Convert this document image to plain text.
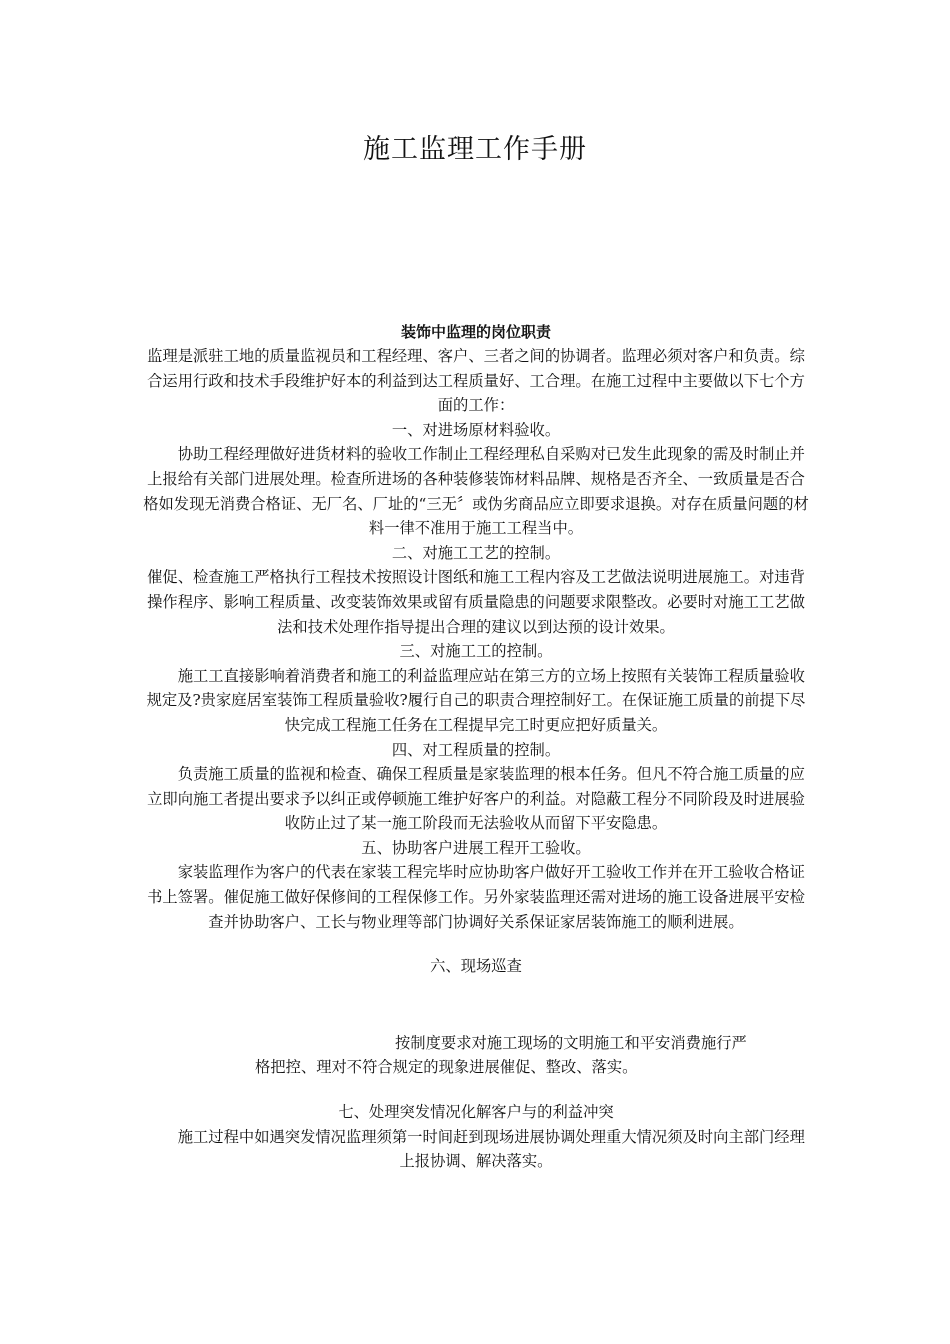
施工监理工作手册
装饰中监理的岗位职责

监理是派驻工地的质量监视员和工程经理、客户、三者之间的协调者。监理必须对客户和负责。综合运用行政和技术手段维护好本的利益到达工程质量好、工合理。在施工过程中主要做以下七个方面的工作：

一、对进场原材料验收。

协助工程经理做好进货材料的验收工作制止工程经理私自采购对已发生此现象的需及时制止并上报给有关部门进展处理。检查所进场的各种装修装饰材料品牌、规格是否齐全、一致质量是否合格如发现无消费合格证、无厂名、厂址的“三无〞或伪劣商品应立即要求退换。对存在质量问题的材料一律不准用于施工工程当中。

二、对施工工艺的控制。

催促、检查施工严格执行工程技术按照设计图纸和施工工程内容及工艺做法说明进展施工。对违背操作程序、影响工程质量、改变装饰效果或留有质量隐患的问题要求限整改。必要时对施工工艺做法和技术处理作指导提出合理的建议以到达预的设计效果。

三、对施工工的控制。

施工工直接影响着消费者和施工的利益监理应站在第三方的立场上按照有关装饰工程质量验收规定及?贵家庭居室装饰工程质量验收?履行自己的职责合理控制好工。在保证施工质量的前提下尽快完成工程施工任务在工程提早完工时更应把好质量关。

四、对工程质量的控制。

负责施工质量的监视和检查、确保工程质量是家装监理的根本任务。但凡不符合施工质量的应立即向施工者提出要求予以纠正或停顿施工维护好客户的利益。对隐蔽工程分不同阶段及时进展验收防止过了某一施工阶段而无法验收从而留下平安隐患。

五、协助客户进展工程开工验收。

家装监理作为客户的代表在家装工程完毕时应协助客户做好开工验收工作并在开工验收合格证书上签署。催促施工做好保修间的工程保修工作。另外家装监理还需对进场的施工设备进展平安检查并协助客户、工长与物业理等部门协调好关系保证家居装饰施工的顺利进展。

六、现场巡查

按制度要求对施工现场的文明施工和平安消费施行严

格把控、理对不符合规定的现象进展催促、整改、落实。

七、处理突发情况化解客户与的利益冲突

施工过程中如遇突发情况监理须第一时间赶到现场进展协调处理重大情况须及时向主部门经理上报协调、解决落实。
